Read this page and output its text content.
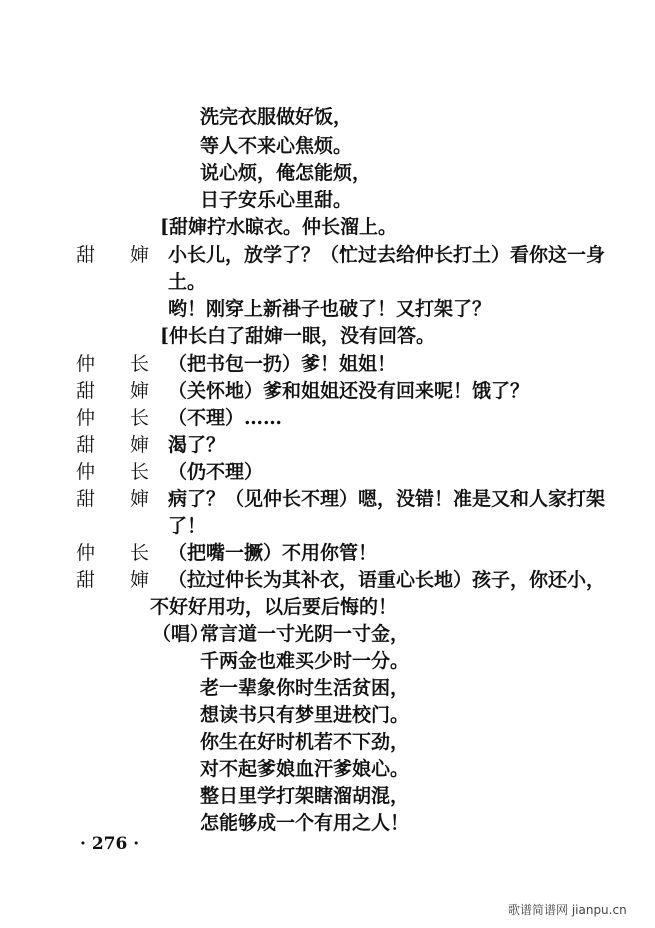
洗完衣服做好饭，
等人不来心焦烦。
说心烦，俺怎能烦，
日子安乐心里甜。
[甜婶拧水晾衣。仲长溜上。
甜 婶 小长儿，放学了？（忙过去给仲长打土）看你这一身
土。
哟！刚穿上新褂子也破了！又打架了？
[仲长白了甜婶一眼，没有回答。
仲 长 （把书包一扔）爹！姐姐！
甜 婶 （关怀地）爹和姐姐还没有回来呢！饿了？
仲 长 （不理）……
甜 婶 渴了？
仲 长 （仍不理）
甜 婶 病了？（见仲长不理）嗯，没错！准是又和人家打架
了！
仲 长 （把嘴一撅）不用你管！
甜 婶 （拉过仲长为其补衣，语重心长地）孩子，你还小，
不好好用功，以后要后悔的！
（唱）
常言道一寸光阴一寸金，
千两金也难买少时一分。
老一辈象你时生活贫困，
想读书只有梦里进校门。
你生在好时机若不下劲，
对不起爹娘血汗爹娘心。
整日里学打架瞎溜胡混，
怎能够成一个有用之人！
· 276 ·
歌谱简谱网 jianpu.cn
